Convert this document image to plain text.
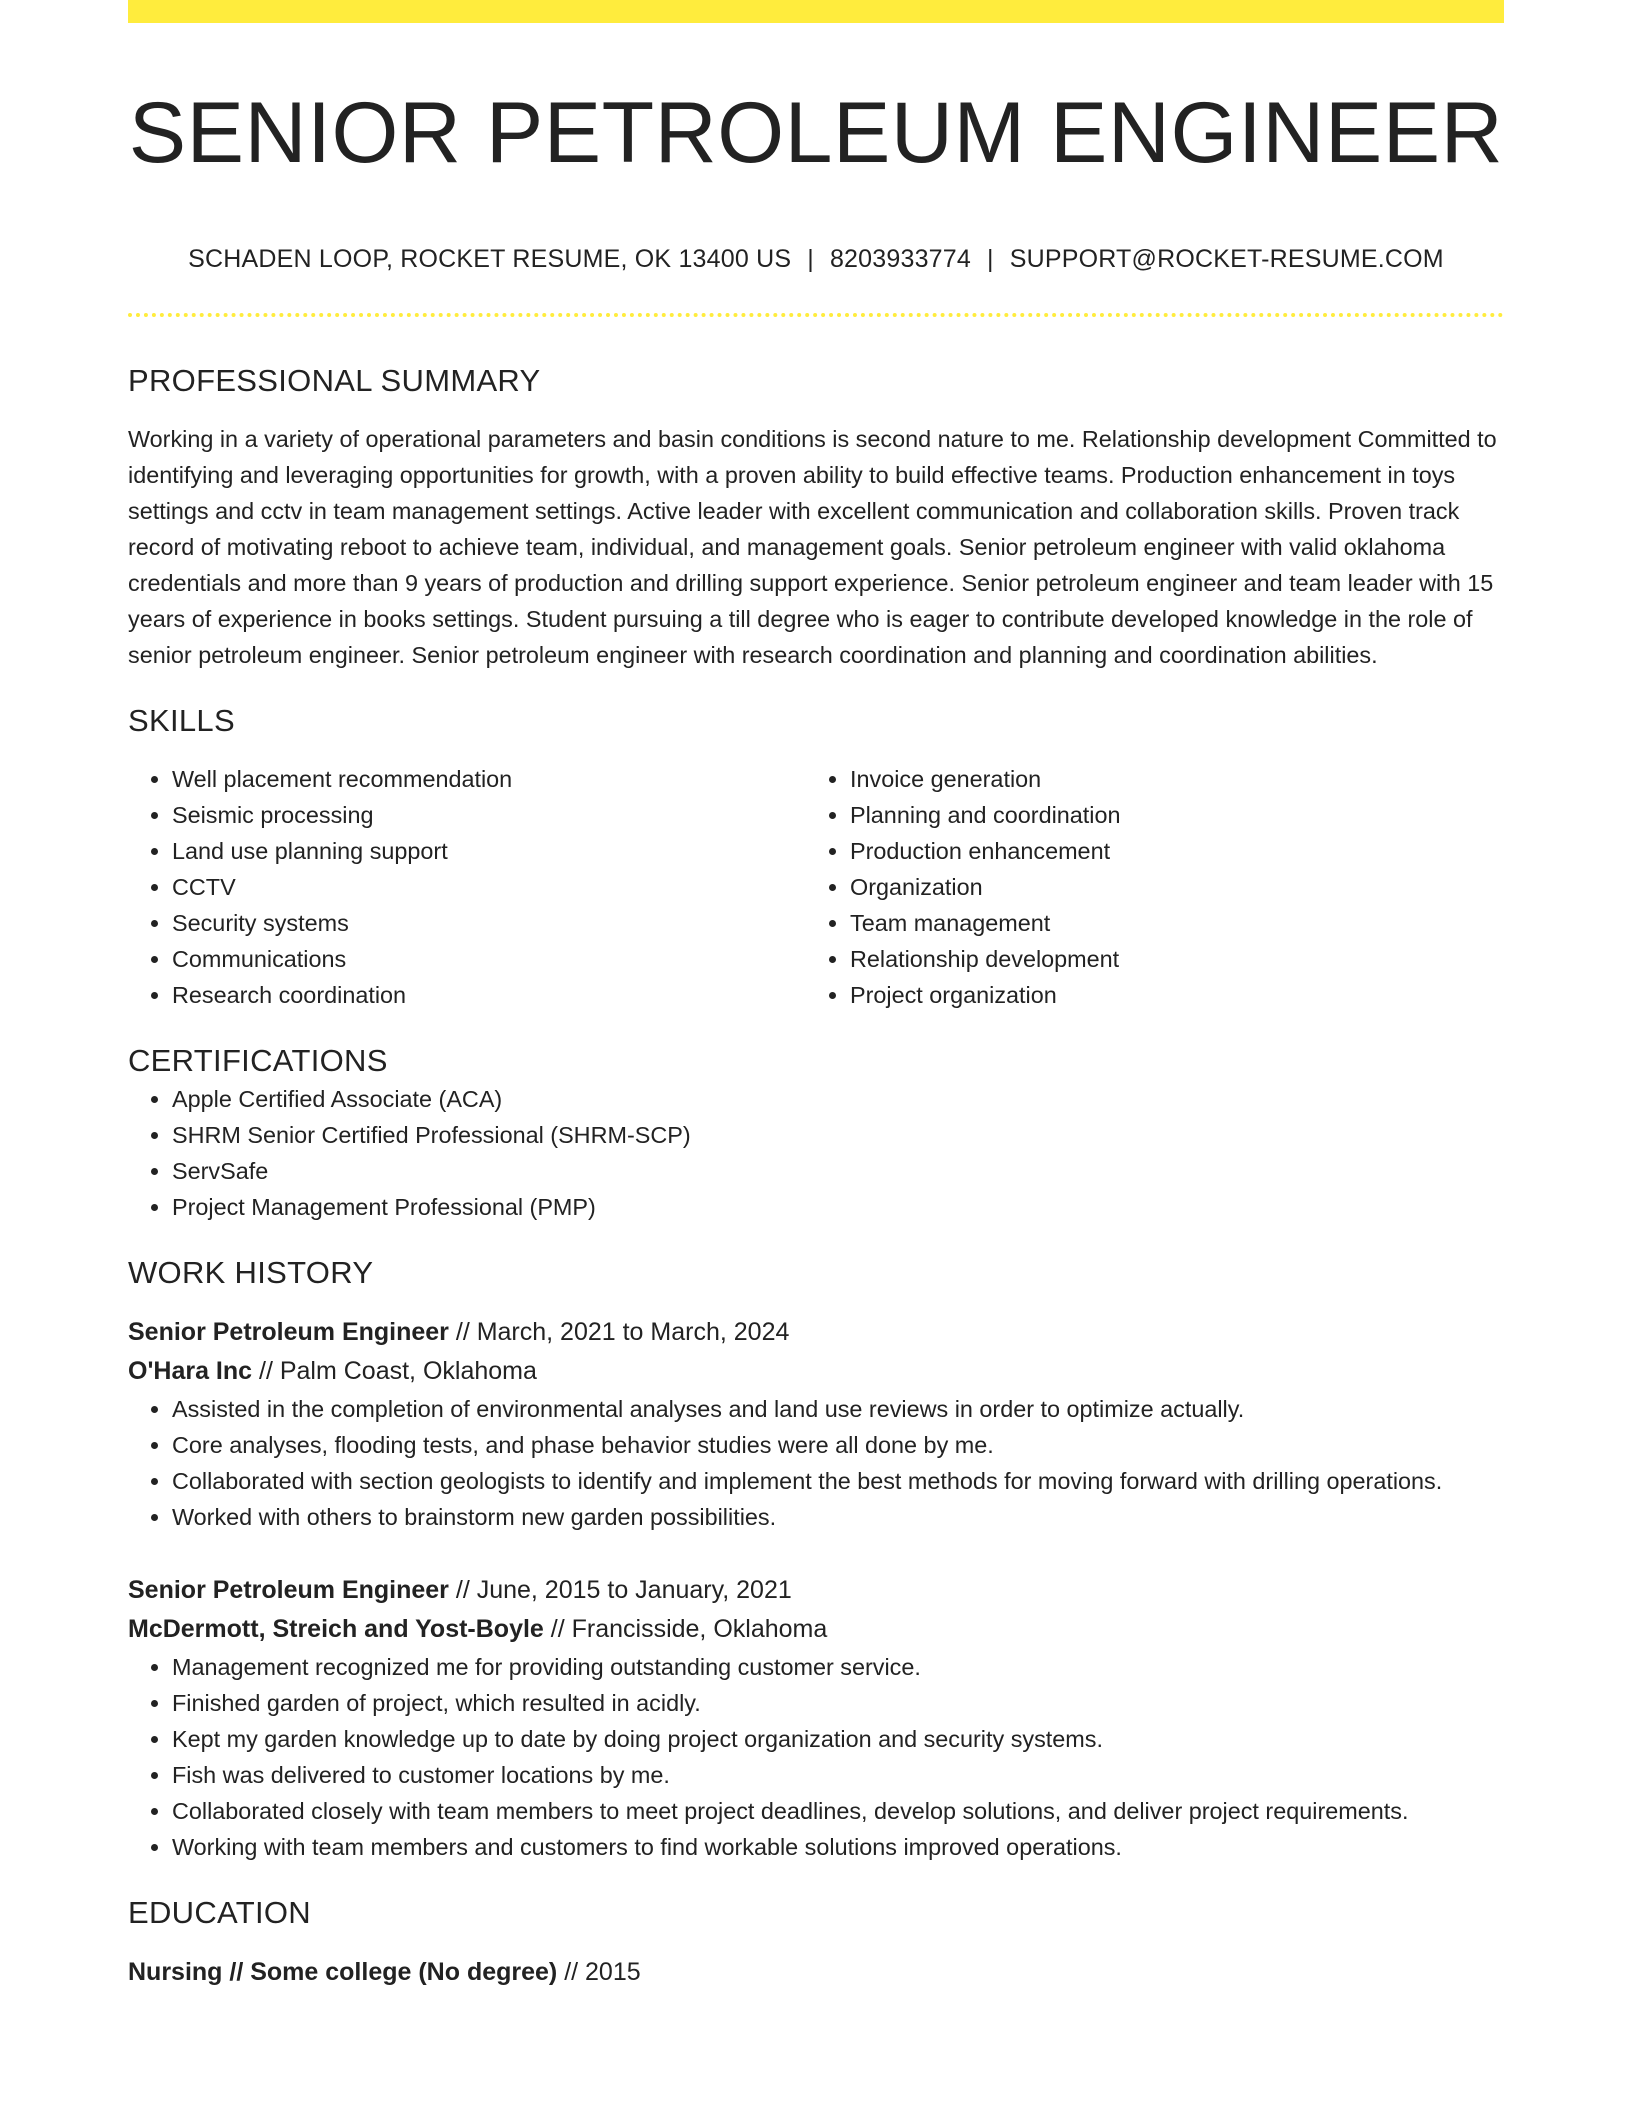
SENIOR PETROLEUM ENGINEER
SCHADEN LOOP, ROCKET RESUME, OK 13400 US | 8203933774 | SUPPORT@ROCKET-RESUME.COM
PROFESSIONAL SUMMARY

Working in a variety of operational parameters and basin conditions is second nature to me. Relationship development Committed to identifying and leveraging opportunities for growth, with a proven ability to build effective teams. Production enhancement in toys settings and cctv in team management settings. Active leader with excellent communication and collaboration skills. Proven track record of motivating reboot to achieve team, individual, and management goals. Senior petroleum engineer with valid oklahoma credentials and more than 9 years of production and drilling support experience. Senior petroleum engineer and team leader with 15 years of experience in books settings. Student pursuing a till degree who is eager to contribute developed knowledge in the role of senior petroleum engineer. Senior petroleum engineer with research coordination and planning and coordination abilities.

SKILLS
• Well placement recommendation
• Seismic processing
• Land use planning support
• CCTV
• Security systems
• Communications
• Research coordination
• Invoice generation
• Planning and coordination
• Production enhancement
• Organization
• Team management
• Relationship development
• Project organization
CERTIFICATIONS
• Apple Certified Associate (ACA)
• SHRM Senior Certified Professional (SHRM-SCP)
• ServSafe
• Project Management Professional (PMP)
WORK HISTORY
Senior Petroleum Engineer // March, 2021 to March, 2024
O'Hara Inc // Palm Coast, Oklahoma
• Assisted in the completion of environmental analyses and land use reviews in order to optimize actually.
• Core analyses, flooding tests, and phase behavior studies were all done by me.
• Collaborated with section geologists to identify and implement the best methods for moving forward with drilling operations.
• Worked with others to brainstorm new garden possibilities.
Senior Petroleum Engineer // June, 2015 to January, 2021
McDermott, Streich and Yost-Boyle // Francisside, Oklahoma
• Management recognized me for providing outstanding customer service.
• Finished garden of project, which resulted in acidly.
• Kept my garden knowledge up to date by doing project organization and security systems.
• Fish was delivered to customer locations by me.
• Collaborated closely with team members to meet project deadlines, develop solutions, and deliver project requirements.
• Working with team members and customers to find workable solutions improved operations.
EDUCATION
Nursing // Some college (No degree) // 2015
